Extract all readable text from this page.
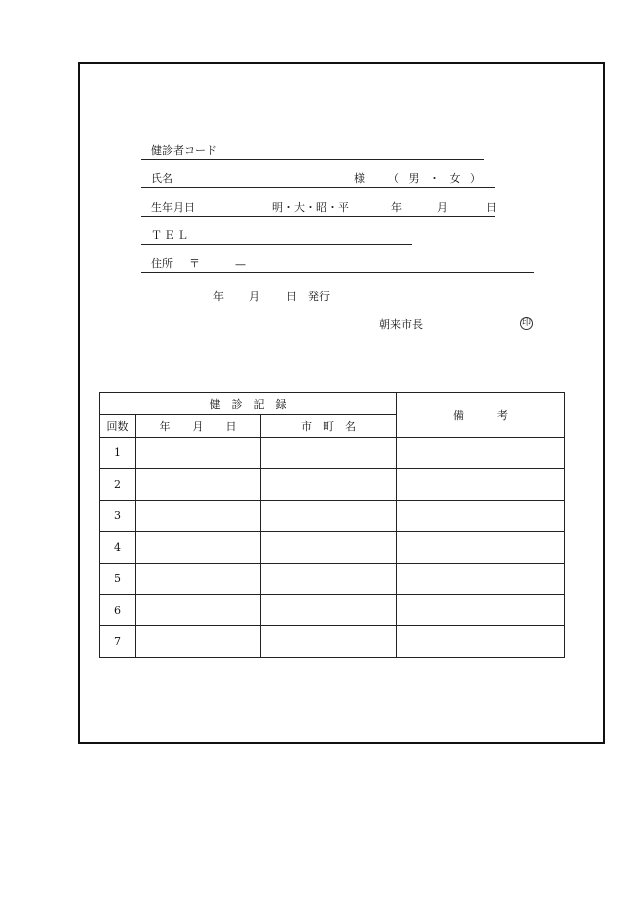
健診者コード
氏名	様 （ 男 ・ 女 ）
生年月日	明・大・昭・平	年	月	日
ＴＥＬ
住所 〒	—
年 月 日 発行
朝来市長	印
健　診　記　録			備　　　考
回数	年　　月　　日	市　町　名	
1			
2			
3			
4			
5			
6			
7			
